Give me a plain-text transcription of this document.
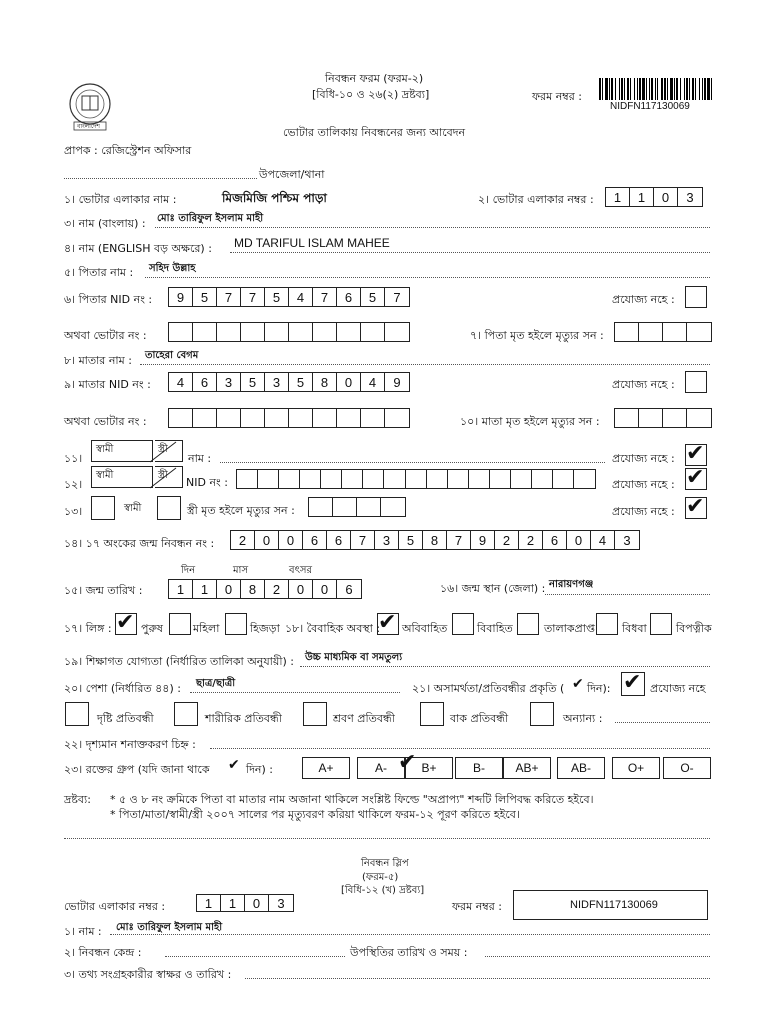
বাংলাদেশ
নিবন্ধন ফরম (ফরম-২)
[বিধি-১০ ও ২৬(২) দ্রষ্টব্য]	ফরম নম্বর :
NIDFN117130069
ভোটার তালিকায় নিবন্ধনের জন্য আবেদন
প্রাপক : রেজিস্ট্রেশন অফিসার
উপজেলা/থানা
১। ভোটার এলাকার নাম :	মিজমিজি পশ্চিম পাড়া	২। ভোটার এলাকার নম্বর :	1	1	0	3
৩। নাম (বাংলায়) : মোঃ তারিফুল ইসলাম মাহী
৪। নাম (ENGLISH বড় অক্ষরে) : MD TARIFUL ISLAM MAHEE
৫। পিতার নাম : সহিদ উল্লাহ
৬। পিতার NID নং :	9	5	7	7	5	4	7	6	5	7	প্রযোজ্য নহে :
অথবা ভোটার নং :	৭। পিতা মৃত হইলে মৃত্যুর সন :
৮। মাতার নাম : তাহেরা বেগম
৯। মাতার NID নং :	4	6	3	5	3	5	8	0	4	9	প্রযোজ্য নহে :
অথবা ভোটার নং :	১০। মাতা মৃত হইলে মৃত্যুর সন :
১১।
স্বামী	স্ত্রী
নাম :	প্রযোজ্য নহে : ✔
১২।
স্বামী	স্ত্রী
NID নং :	প্রযোজ্য নহে : ✔
১৩।	স্বামী	স্ত্রী মৃত হইলে মৃত্যুর সন :	প্রযোজ্য নহে : ✔
১৪। ১৭ অংকের জন্ম নিবন্ধন নং :	2	0	0	6	6	7	3	5	8	7	9	2	2	6	0	4	3
দিন	মাস	বৎসর
১৫। জন্ম তারিখ :	1	1	0	8	2	0	0	6	১৬। জন্ম স্থান (জেলা) : নারায়ণগঞ্জ
১৭। লিঙ্গ : ✔ পুরুষ	মহিলা	হিজড়া ১৮। বৈবাহিক অবস্থা :
✔ অবিবাহিত	বিবাহিত	তালাকপ্রাপ্ত বিধবা	বিপত্নীক
১৯। শিক্ষাগত যোগ্যতা (নির্ধারিত তালিকা অনুযায়ী) : উচ্চ মাধ্যমিক বা সমতুল্য
২০। পেশা (নির্ধারিত ৪৪) : ছাত্র/ছাত্রী	২১। অসামর্থতা/প্রতিবন্ধীর প্রকৃতি ( ✔ দিন): ✔ প্রযোজ্য নহে
দৃষ্টি প্রতিবন্ধী	শারীরিক প্রতিবন্ধী	শ্রবণ প্রতিবন্ধী	বাক প্রতিবন্ধী	অন্যান্য :
২২। দৃশ্যমান শনাক্তকরণ চিহ্ন :
২৩। রক্তের গ্রুপ (যদি জানা থাকে ✔ দিন) :	A+	A-	B+	B-	AB+	AB-	O+	O-
✔
দ্রষ্টব্য: * ৫ ও ৮ নং ক্রমিকে পিতা বা মাতার নাম অজানা থাকিলে সংশ্লিষ্ট ফিল্ডে "অপ্রাপ্য" শব্দটি লিপিবদ্ধ করিতে হইবে।
* পিতা/মাতা/স্বামী/স্ত্রী ২০০৭ সালের পর মৃত্যুবরণ করিয়া থাকিলে ফরম-১২ পূরণ করিতে হইবে।
নিবন্ধন স্লিপ
(ফরম-৫)
[বিধি-১২ (খ) দ্রষ্টব্য]
ভোটার এলাকার নম্বর :	1	1	0	3	ফরম নম্বর :	NIDFN117130069
১। নাম : মোঃ তারিফুল ইসলাম মাহী
২। নিবন্ধন কেন্দ্র :	উপস্থিতির তারিখ ও সময় :
৩। তথ্য সংগ্রহকারীর স্বাক্ষর ও তারিখ :
